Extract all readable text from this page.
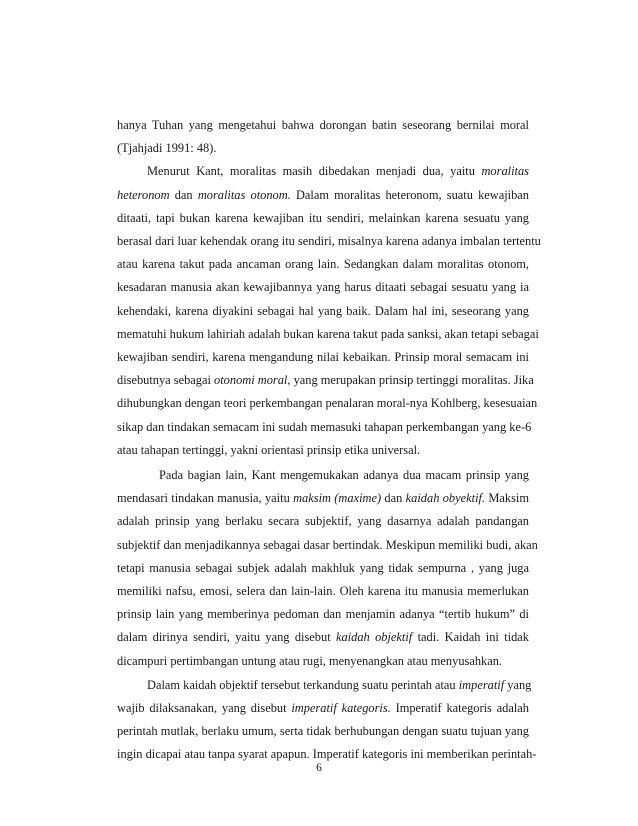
hanya Tuhan yang mengetahui bahwa dorongan batin seseorang bernilai moral
(Tjahjadi 1991: 48).
Menurut Kant, moralitas masih dibedakan menjadi dua, yaitu moralitas
heteronom dan moralitas otonom. Dalam moralitas heteronom, suatu kewajiban
ditaati, tapi bukan karena kewajiban itu sendiri, melainkan karena sesuatu yang
berasal dari luar kehendak orang itu sendiri, misalnya karena adanya imbalan tertentu
atau karena takut pada ancaman orang lain. Sedangkan dalam moralitas otonom,
kesadaran manusia akan kewajibannya yang harus ditaati sebagai sesuatu yang ia
kehendaki, karena diyakini sebagai hal yang baik. Dalam hal ini, seseorang yang
mematuhi hukum lahiriah adalah bukan karena takut pada sanksi, akan tetapi sebagai
kewajiban sendiri, karena mengandung nilai kebaikan. Prinsip moral semacam ini
disebutnya sebagai otonomi moral, yang merupakan prinsip tertinggi moralitas. Jika
dihubungkan dengan teori perkembangan penalaran moral-nya Kohlberg, kesesuaian
sikap dan tindakan semacam ini sudah memasuki tahapan perkembangan yang ke-6
atau tahapan tertinggi, yakni orientasi prinsip etika universal.
Pada bagian lain, Kant mengemukakan adanya dua macam prinsip yang
mendasari tindakan manusia, yaitu maksim (maxime) dan kaidah obyektif. Maksim
adalah prinsip yang berlaku secara subjektif, yang dasarnya adalah pandangan
subjektif dan menjadikannya sebagai dasar bertindak. Meskipun memiliki budi, akan
tetapi manusia sebagai subjek adalah makhluk yang tidak sempurna , yang juga
memiliki nafsu, emosi, selera dan lain-lain. Oleh karena itu manusia memerlukan
prinsip lain yang memberinya pedoman dan menjamin adanya “tertib hukum” di
dalam dirinya sendiri, yaitu yang disebut kaidah objektif tadi. Kaidah ini tidak
dicampuri pertimbangan untung atau rugi, menyenangkan atau menyusahkan.
Dalam kaidah objektif tersebut terkandung suatu perintah atau imperatif yang
wajib dilaksanakan, yang disebut imperatif kategoris. Imperatif kategoris adalah
perintah mutlak, berlaku umum, serta tidak berhubungan dengan suatu tujuan yang
ingin dicapai atau tanpa syarat apapun. Imperatif kategoris ini memberikan perintah-
6
